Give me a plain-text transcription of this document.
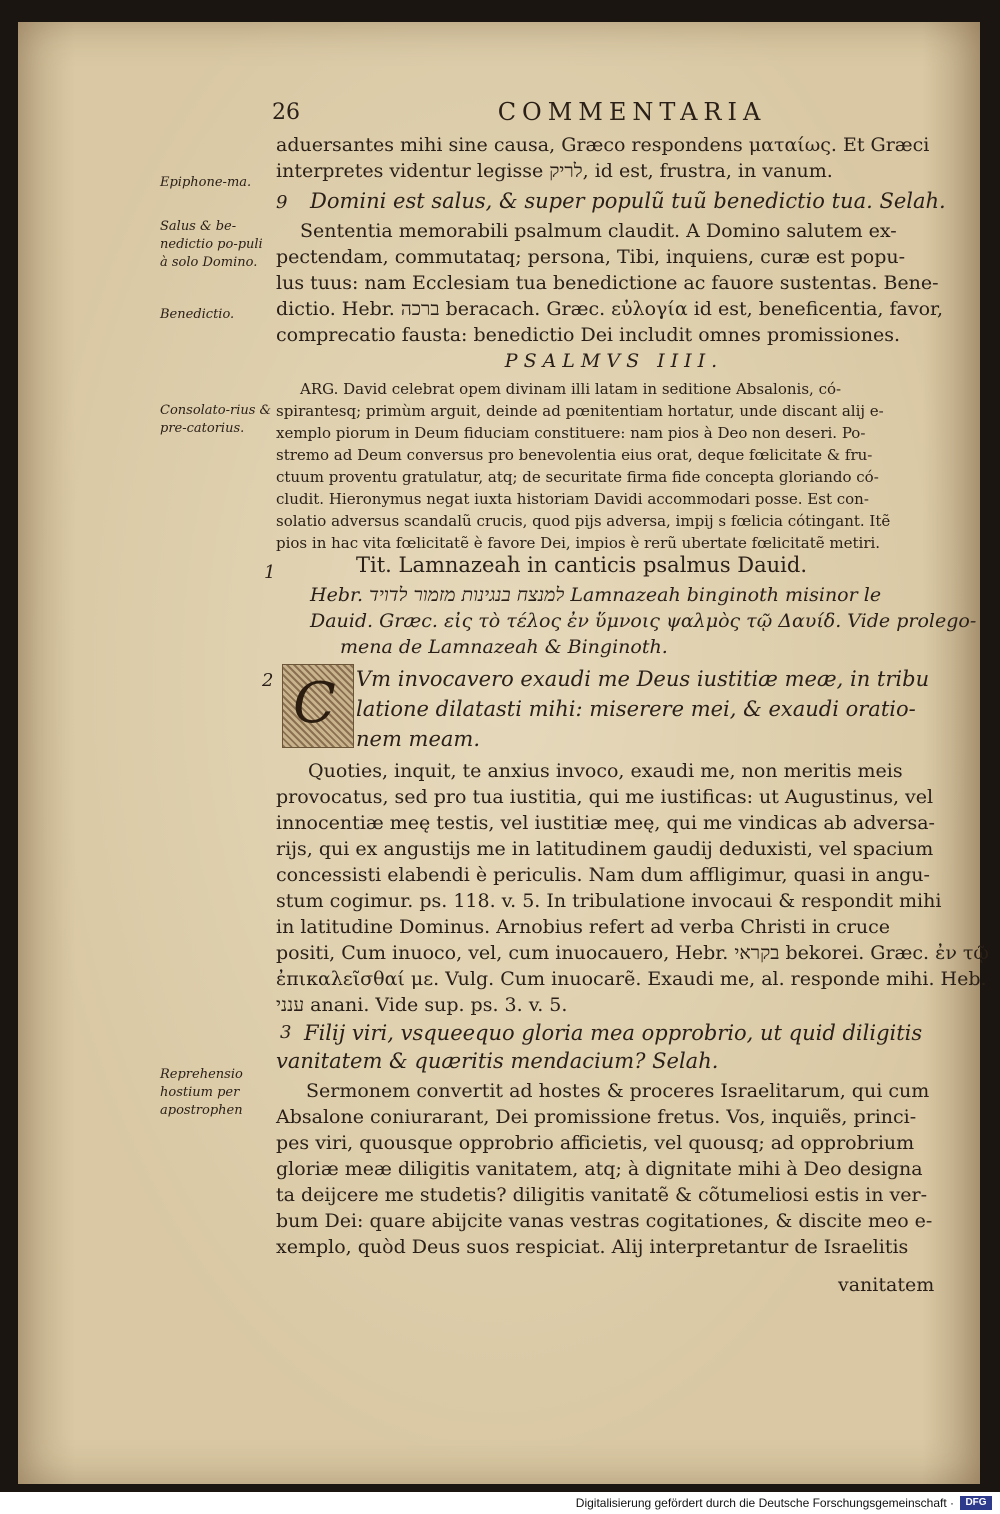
26	COMMENTARIA
Epiphone-ma.
Salus & be-nedictio po-puli à solo Domino.
Benedictio.
Consolato-rius & pre-catorius.
Reprehensio hostium per apostrophen
9
1
2
3
aduersantes mihi sine causa, Græco respondens ματαίως. Et Græci
interpretes videntur legisse לריק, id est, frustra, in vanum.
Domini est salus, & super populũ tuũ benedictio tua. Selah.
Sententia memorabili psalmum claudit. A Domino salutem ex-
pectendam, commutataq; persona, Tibi, inquiens, curæ est popu-
lus tuus: nam Ecclesiam tua benedictione ac fauore sustentas. Bene-
dictio. Hebr. ברכה beracach. Græc. εὐλογία id est, beneficentia, favor,
comprecatio fausta: benedictio Dei includit omnes promissiones.
PSALMVS IIII.
ARG. David celebrat opem divinam illi latam in seditione Absalonis, có-
spirantesq; primùm arguit, deinde ad pœnitentiam hortatur, unde discant alij e-
xemplo piorum in Deum fiduciam constituere: nam pios à Deo non deseri. Po-
stremo ad Deum conversus pro benevolentia eius orat, deque fœlicitate & fru-
ctuum proventu gratulatur, atq; de securitate firma fide concepta gloriando có-
cludit. Hieronymus negat iuxta historiam Davidi accommodari posse. Est con-
solatio adversus scandalũ crucis, quod pijs adversa, impij s fœlicia cótingant. Itẽ
pios in hac vita fœlicitatẽ è favore Dei, impios è rerũ ubertate fœlicitatẽ metiri.
Tit. Lamnazeah in canticis psalmus Dauid.
Hebr. למנצח בנגינות מזמור לדויד Lamnazeah binginoth misinor le
Dauid. Græc. εἰς τὸ τέλος ἐν ὕμνοις ψαλμὸς τῷ Δαυίδ. Vide prolego-
mena de Lamnazeah & Binginoth.
C Vm invocavero exaudi me Deus iustitiæ meæ, in tribu
latione dilatasti mihi: miserere mei, & exaudi oratio-
nem meam.
Quoties, inquit, te anxius invoco, exaudi me, non meritis meis
provocatus, sed pro tua iustitia, qui me iustificas: ut Augustinus, vel
innocentiæ meę testis, vel iustitiæ meę, qui me vindicas ab adversa-
rijs, qui ex angustijs me in latitudinem gaudij deduxisti, vel spacium
concessisti elabendi è periculis. Nam dum affligimur, quasi in angu-
stum cogimur. ps. 118. v. 5. In tribulatione invocaui & respondit mihi
in latitudine Dominus. Arnobius refert ad verba Christi in cruce
positi, Cum inuoco, vel, cum inuocauero, Hebr. בקראי bekorei. Græc. ἐν τῷ
ἐπικαλεῖσθαί με. Vulg. Cum inuocarẽ. Exaudi me, al. responde mihi. Heb.
ענני anani. Vide sup. ps. 3. v. 5.
Filij viri, vsqueequo gloria mea opprobrio, ut quid diligitis
vanitatem & quæritis mendacium? Selah.
Sermonem convertit ad hostes & proceres Israelitarum, qui cum
Absalone coniurarant, Dei promissione fretus. Vos, inquiẽs, princi-
pes viri, quousque opprobrio afficietis, vel quousq; ad opprobrium
gloriæ meæ diligitis vanitatem, atq; à dignitate mihi à Deo designa
ta deijcere me studetis? diligitis vanitatẽ & cõtumeliosi estis in ver-
bum Dei: quare abijcite vanas vestras cogitationes, & discite meo e-
xemplo, quòd Deus suos respiciat. Alij interpretantur de Israelitis
vanitatem
Digitalisierung gefördert durch die Deutsche Forschungsgemeinschaft ·	DFG
